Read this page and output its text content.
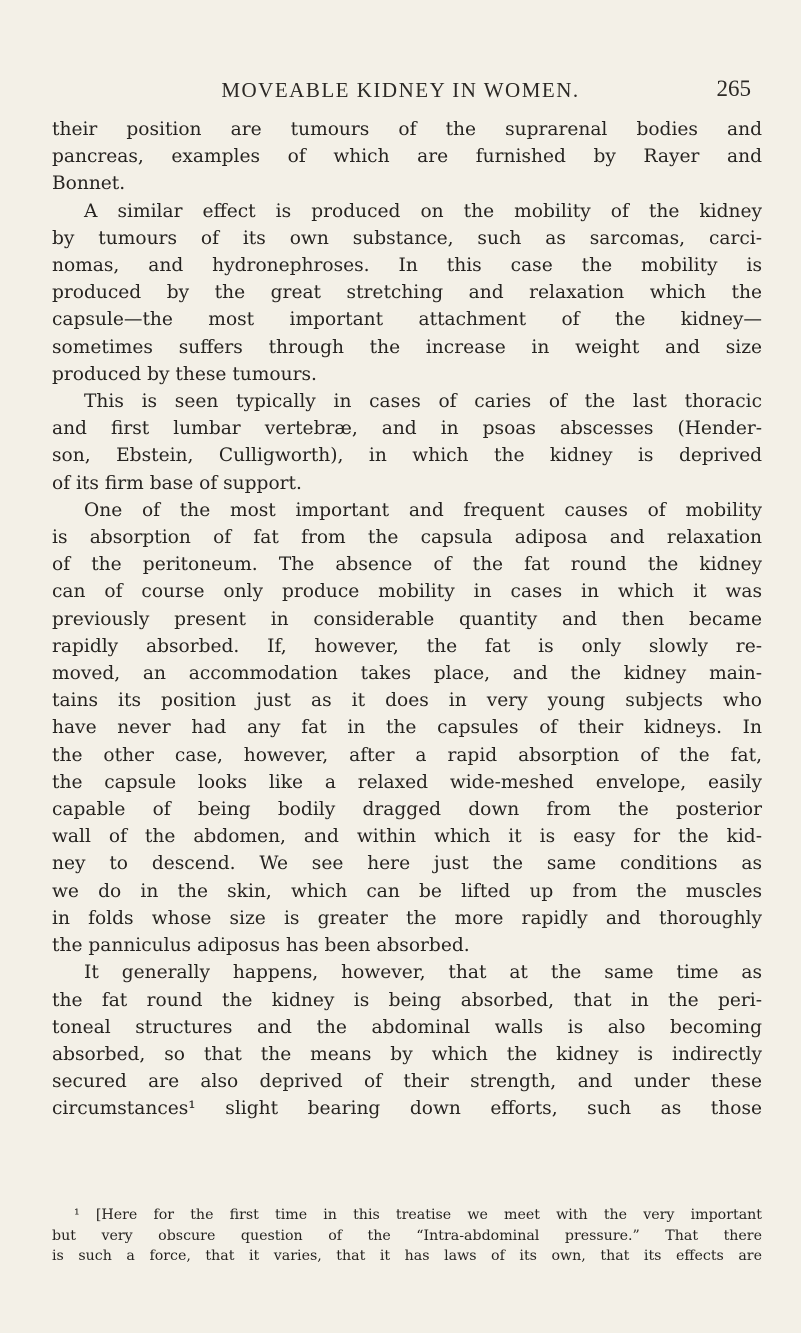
MOVEABLE KIDNEY IN WOMEN.	265
their position are tumours of the suprarenal bodies and
pancreas, examples of which are furnished by Rayer and
Bonnet.
A similar effect is produced on the mobility of the kidney
by tumours of its own substance, such as sarcomas, carci-
nomas, and hydronephroses. In this case the mobility is
produced by the great stretching and relaxation which the
capsule—the most important attachment of the kidney—
sometimes suffers through the increase in weight and size
produced by these tumours.
This is seen typically in cases of caries of the last thoracic
and first lumbar vertebræ, and in psoas abscesses (Hender-
son, Ebstein, Culligworth), in which the kidney is deprived
of its firm base of support.
One of the most important and frequent causes of mobility
is absorption of fat from the capsula adiposa and relaxation
of the peritoneum. The absence of the fat round the kidney
can of course only produce mobility in cases in which it was
previously present in considerable quantity and then became
rapidly absorbed. If, however, the fat is only slowly re-
moved, an accommodation takes place, and the kidney main-
tains its position just as it does in very young subjects who
have never had any fat in the capsules of their kidneys. In
the other case, however, after a rapid absorption of the fat,
the capsule looks like a relaxed wide-meshed envelope, easily
capable of being bodily dragged down from the posterior
wall of the abdomen, and within which it is easy for the kid-
ney to descend. We see here just the same conditions as
we do in the skin, which can be lifted up from the muscles
in folds whose size is greater the more rapidly and thoroughly
the panniculus adiposus has been absorbed.
It generally happens, however, that at the same time as
the fat round the kidney is being absorbed, that in the peri-
toneal structures and the abdominal walls is also becoming
absorbed, so that the means by which the kidney is indirectly
secured are also deprived of their strength, and under these
circumstances¹ slight bearing down efforts, such as those
¹ [Here for the first time in this treatise we meet with the very important
but very obscure question of the “Intra-abdominal pressure.” That there
is such a force, that it varies, that it has laws of its own, that its effects are
